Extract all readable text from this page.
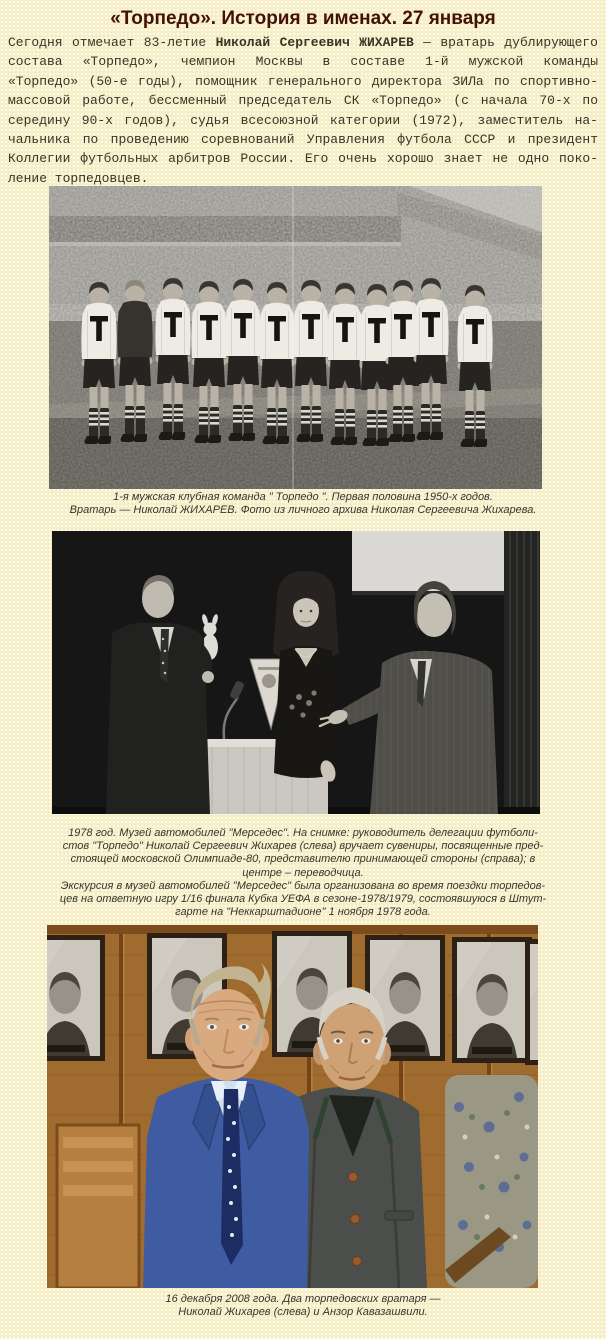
«Торпедо». История в именах. 27 января
Сегодня отмечает 83-летие Николай Сергеевич ЖИХАРЕВ — вратарь дублирующего
состава «Торпедо», чемпион Москвы в составе 1-й мужской команды
«Торпедо» (50-е годы), помощник генерального директора ЗИЛа по спортивно-
массовой работе, бессменный председатель СК «Торпедо» (с начала 70-х по
середину 90-х годов), судья всесоюзной категории (1972), заместитель на-
чальника по проведению соревнований Управления футбола СССР и президент
Коллегии футбольных арбитров России. Его очень хорошо знает не одно поко-
ление торпедовцев.
1-я мужская клубная команда " Торпедо ". Первая половина 1950-х годов.
Вратарь — Николай ЖИХАРЕВ. Фото из личного архива Николая Сергеевича Жихарева.
1978 год. Музей автомобилей "Мерседес". На снимке: руководитель делегации футболи-
стов "Торпедо" Николай Сергеевич Жихарев (слева) вручает сувениры, посвященные пред-
стоящей московской Олимпиаде-80, представителю принимающей стороны (справа); в
центре – переводчица.
Экскурсия в музей автомобилей "Мерседес" была организована во время поездки торпедов-
цев на ответную игру 1/16 финала Кубка УЕФА в сезоне-1978/1979, состоявшуюся в Штут-
гарте на "Неккарштадионе" 1 ноября 1978 года.
16 декабря 2008 года. Два торпедовских вратаря —
Николай Жихарев (слева) и Анзор Кавазашвили.
